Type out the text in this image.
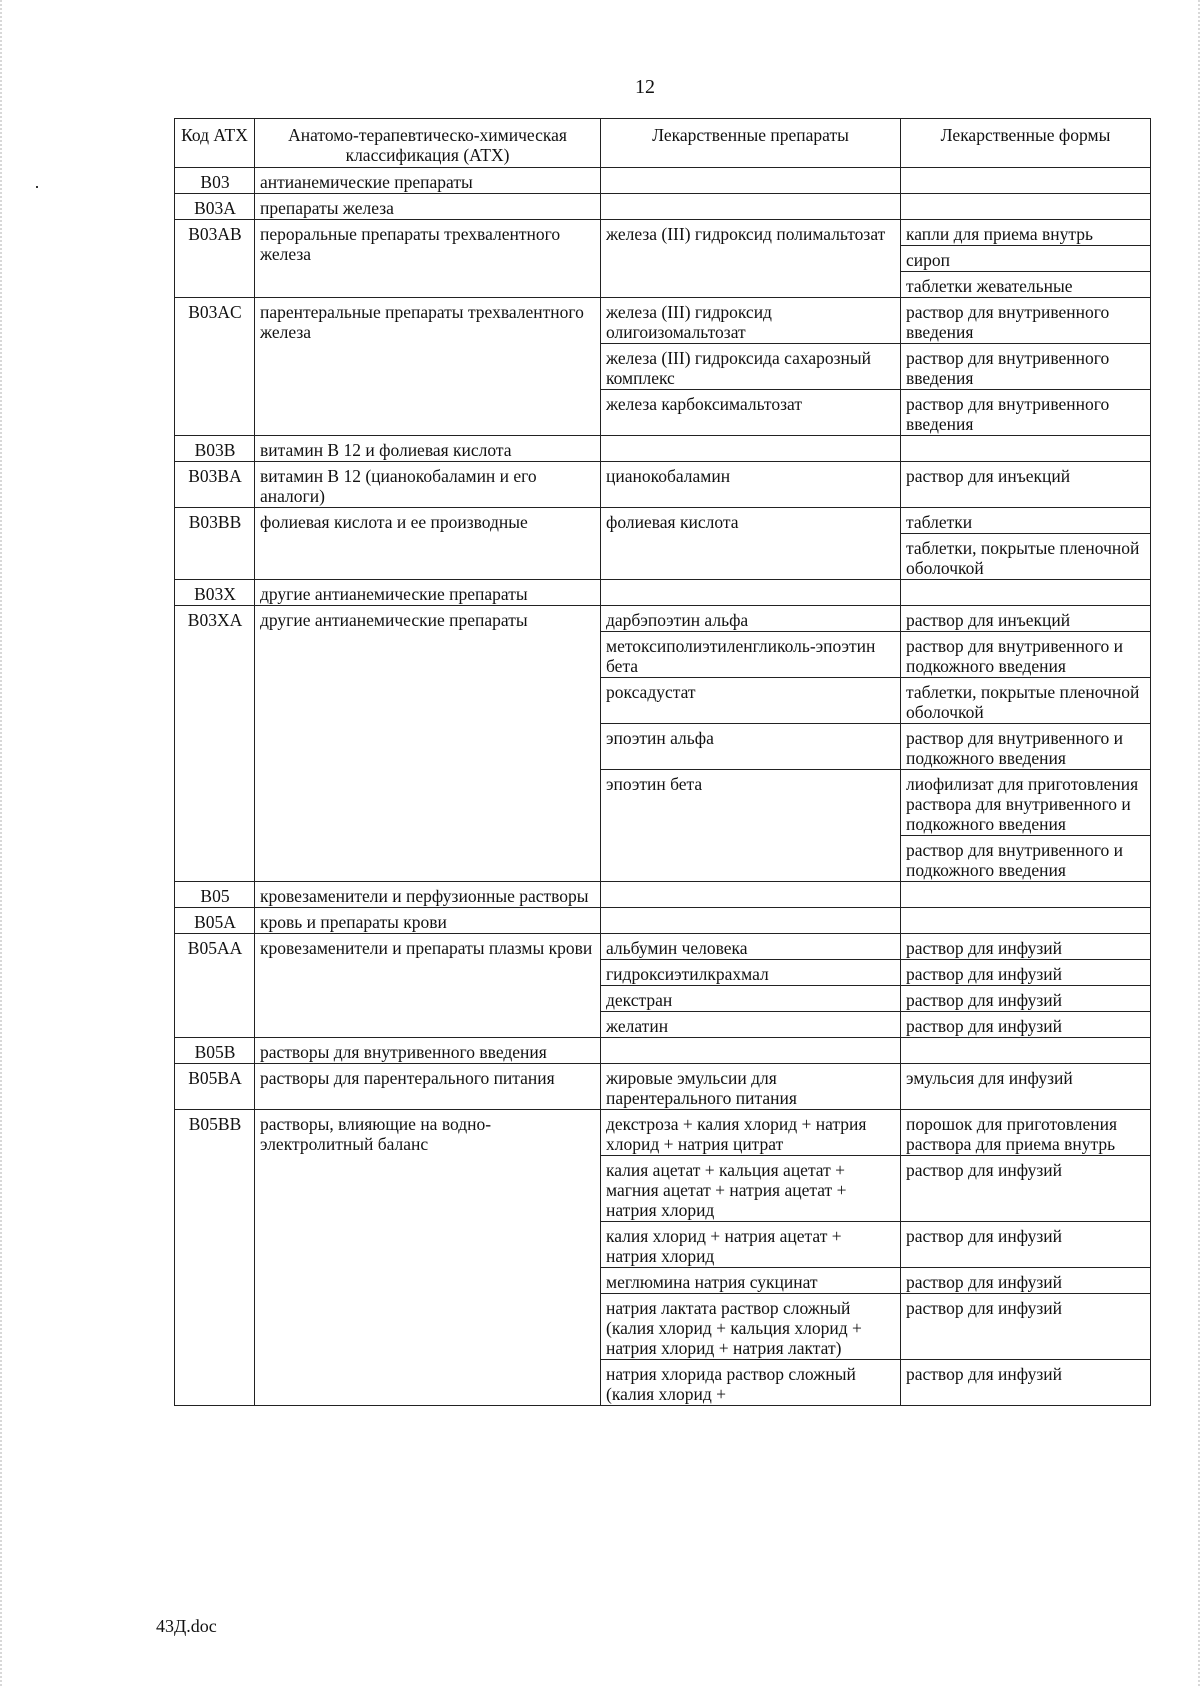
12
Код АТХ	Анатомо-терапевтическо-химическая классификация (АТХ)	Лекарственные препараты	Лекарственные формы
B03	антианемические препараты		
B03A	препараты железа		
B03AB	пероральные препараты трехвалентного железа	железа (III) гидроксид полимальтозат	капли для приема внутрь
			сироп
			таблетки жевательные
B03AC	парентеральные препараты трехвалентного железа	железа (III) гидроксид олигоизомальтозат	раствор для внутривенного введения
		железа (III) гидроксида сахарозный комплекс	раствор для внутривенного введения
		железа карбоксимальтозат	раствор для внутривенного введения
B03B	витамин B 12 и фолиевая кислота		
B03BA	витамин B 12 (цианокобаламин и его аналоги)	цианокобаламин	раствор для инъекций
B03BB	фолиевая кислота и ее производные	фолиевая кислота	таблетки
			таблетки, покрытые пленочной оболочкой
B03X	другие антианемические препараты		
B03XA	другие антианемические препараты	дарбэпоэтин альфа	раствор для инъекций
		метоксиполиэтиленгликоль-эпоэтин бета	раствор для внутривенного и подкожного введения
		роксадустат	таблетки, покрытые пленочной оболочкой
		эпоэтин альфа	раствор для внутривенного и подкожного введения
		эпоэтин бета	лиофилизат для приготовления раствора для внутривенного и подкожного введения
			раствор для внутривенного и подкожного введения
B05	кровезаменители и перфузионные растворы		
B05A	кровь и препараты крови		
B05AA	кровезаменители и препараты плазмы крови	альбумин человека	раствор для инфузий
		гидроксиэтилкрахмал	раствор для инфузий
		декстран	раствор для инфузий
		желатин	раствор для инфузий
B05B	растворы для внутривенного введения		
B05BA	растворы для парентерального питания	жировые эмульсии для парентерального питания	эмульсия для инфузий
B05BB	растворы, влияющие на водно-электролитный баланс	декстроза + калия хлорид + натрия хлорид + натрия цитрат	порошок для приготовления раствора для приема внутрь
		калия ацетат + кальция ацетат + магния ацетат + натрия ацетат + натрия хлорид	раствор для инфузий
		калия хлорид + натрия ацетат + натрия хлорид	раствор для инфузий
		меглюмина натрия сукцинат	раствор для инфузий
		натрия лактата раствор сложный (калия хлорид + кальция хлорид + натрия хлорид + натрия лактат)	раствор для инфузий
		натрия хлорида раствор сложный (калия хлорид +	раствор для инфузий
43Д.doc
